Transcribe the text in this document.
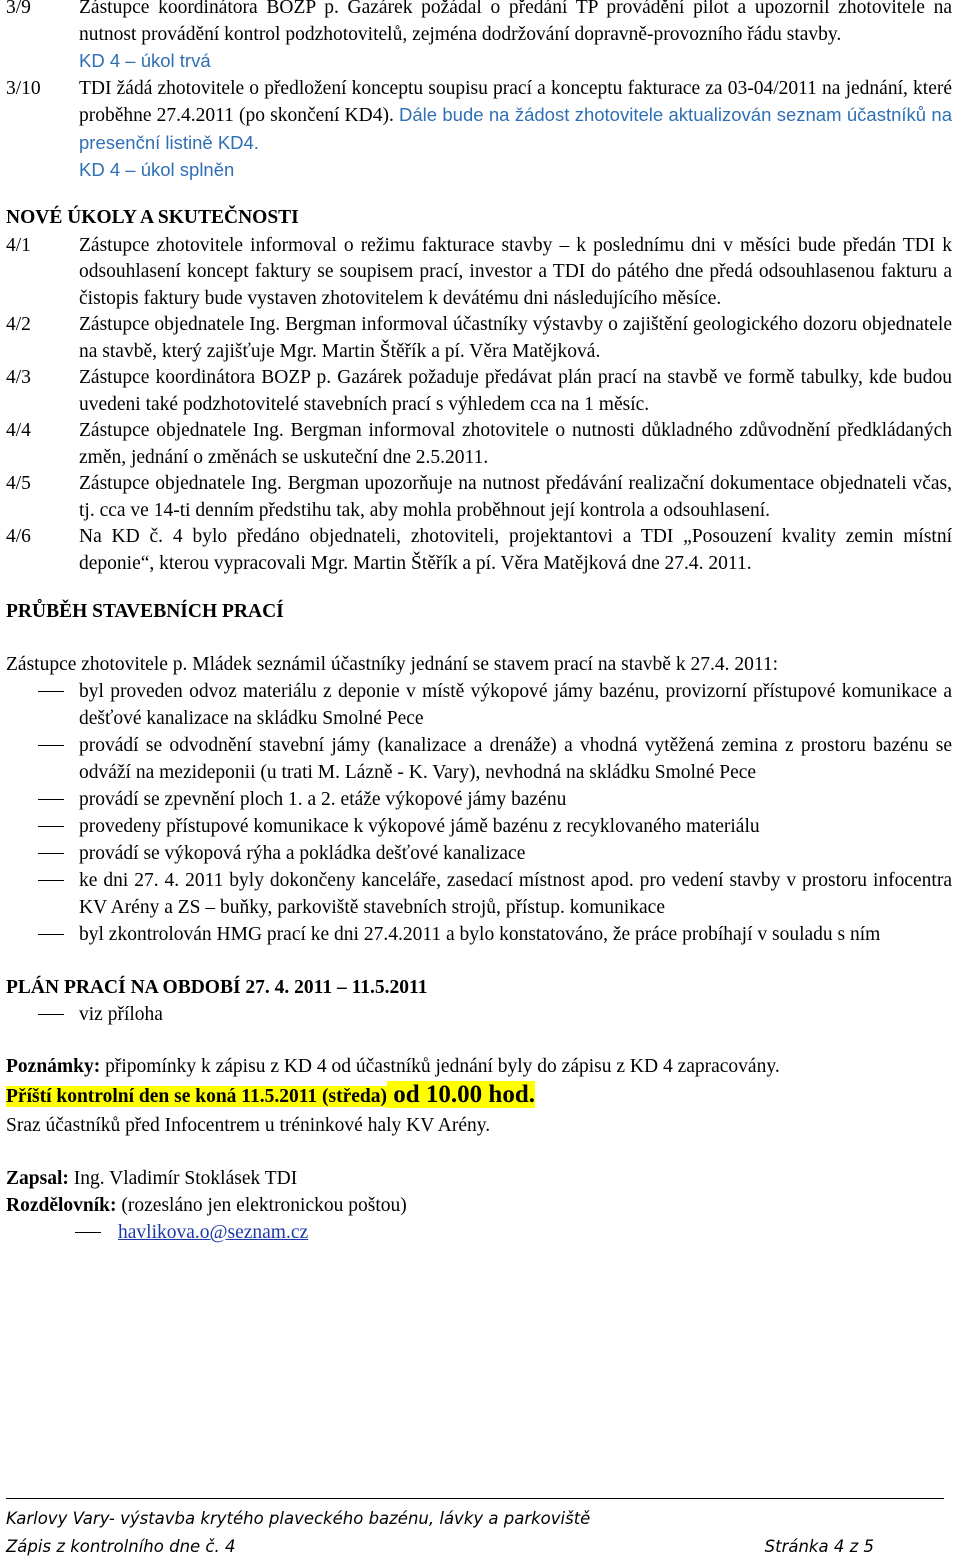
3/9	Zástupce koordinátora BOZP p. Gazárek požádal o předání TP provádění pilot a upozornil zhotovitele na nutnost provádění kontrol podzhotovitelů, zejména dodržování dopravně-provozního řádu stavby.
KD 4 – úkol trvá
3/10	TDI žádá zhotovitele o předložení konceptu soupisu prací a konceptu fakturace za 03-04/2011 na jednání, které proběhne 27.4.2011 (po skončení KD4). Dále bude na žádost zhotovitele aktualizován seznam účastníků na presenční listině KD4.
KD 4 – úkol splněn
NOVÉ ÚKOLY A SKUTEČNOSTI
4/1	Zástupce zhotovitele informoval o režimu fakturace stavby – k poslednímu dni v měsíci bude předán TDI k odsouhlasení koncept faktury se soupisem prací, investor a TDI do pátého dne předá odsouhlasenou fakturu a čistopis faktury bude vystaven zhotovitelem k devátému dni následujícího měsíce.
4/2	Zástupce objednatele Ing. Bergman informoval účastníky výstavby o zajištění geologického dozoru objednatele na stavbě, který zajišťuje Mgr. Martin Štěřík a pí. Věra Matějková.
4/3	Zástupce koordinátora BOZP p. Gazárek požaduje předávat plán prací na stavbě ve formě tabulky, kde budou uvedeni také podzhotovitelé stavebních prací s výhledem cca na 1 měsíc.
4/4	Zástupce objednatele Ing. Bergman informoval zhotovitele o nutnosti důkladného zdůvodnění předkládaných změn, jednání o změnách se uskuteční dne 2.5.2011.
4/5	Zástupce objednatele Ing. Bergman upozorňuje na nutnost předávání realizační dokumentace objednateli včas, tj. cca ve 14-ti denním předstihu tak, aby mohla proběhnout její kontrola a odsouhlasení.
4/6	Na KD č. 4 bylo předáno objednateli, zhotoviteli, projektantovi a TDI „Posouzení kvality zemin místní deponie“, kterou vypracovali Mgr. Martin Štěřík a pí. Věra Matějková dne 27.4. 2011.
PRŮBĚH STAVEBNÍCH PRACÍ
Zástupce zhotovitele p. Mládek seznámil účastníky jednání se stavem prací na stavbě k 27.4. 2011:
byl proveden odvoz materiálu z deponie v místě výkopové jámy bazénu, provizorní přístupové komunikace a dešťové kanalizace na skládku Smolné Pece
provádí se odvodnění stavební jámy (kanalizace a drenáže) a vhodná vytěžená zemina z prostoru bazénu se odváží na mezideponii (u trati M. Lázně - K. Vary), nevhodná na skládku Smolné Pece
provádí se zpevnění ploch 1. a 2. etáže výkopové jámy bazénu
provedeny přístupové komunikace k výkopové jámě bazénu z recyklovaného materiálu
provádí se výkopová rýha a pokládka dešťové kanalizace
ke dni 27. 4. 2011 byly dokončeny kanceláře, zasedací místnost apod. pro vedení stavby v prostoru infocentra KV Arény a ZS – buňky, parkoviště stavebních strojů, přístup. komunikace
byl zkontrolován HMG prací ke dni 27.4.2011 a bylo konstatováno, že práce probíhají v souladu s ním
PLÁN PRACÍ NA OBDOBÍ 27. 4. 2011 – 11.5.2011
viz příloha
Poznámky: připomínky k zápisu z KD 4 od účastníků jednání byly do zápisu z KD 4 zapracovány.
Příští kontrolní den se koná 11.5.2011 (středa) od 10.00 hod.
Sraz účastníků před Infocentrem u tréninkové haly KV Arény.
Zapsal: Ing. Vladimír Stoklásek TDI
Rozdělovník: (rozesláno jen elektronickou poštou)
havlikova.o@seznam.cz
Karlovy Vary- výstavba krytého plaveckého bazénu, lávky a parkoviště
Zápis z kontrolního dne č. 4	Stránka 4 z 5
